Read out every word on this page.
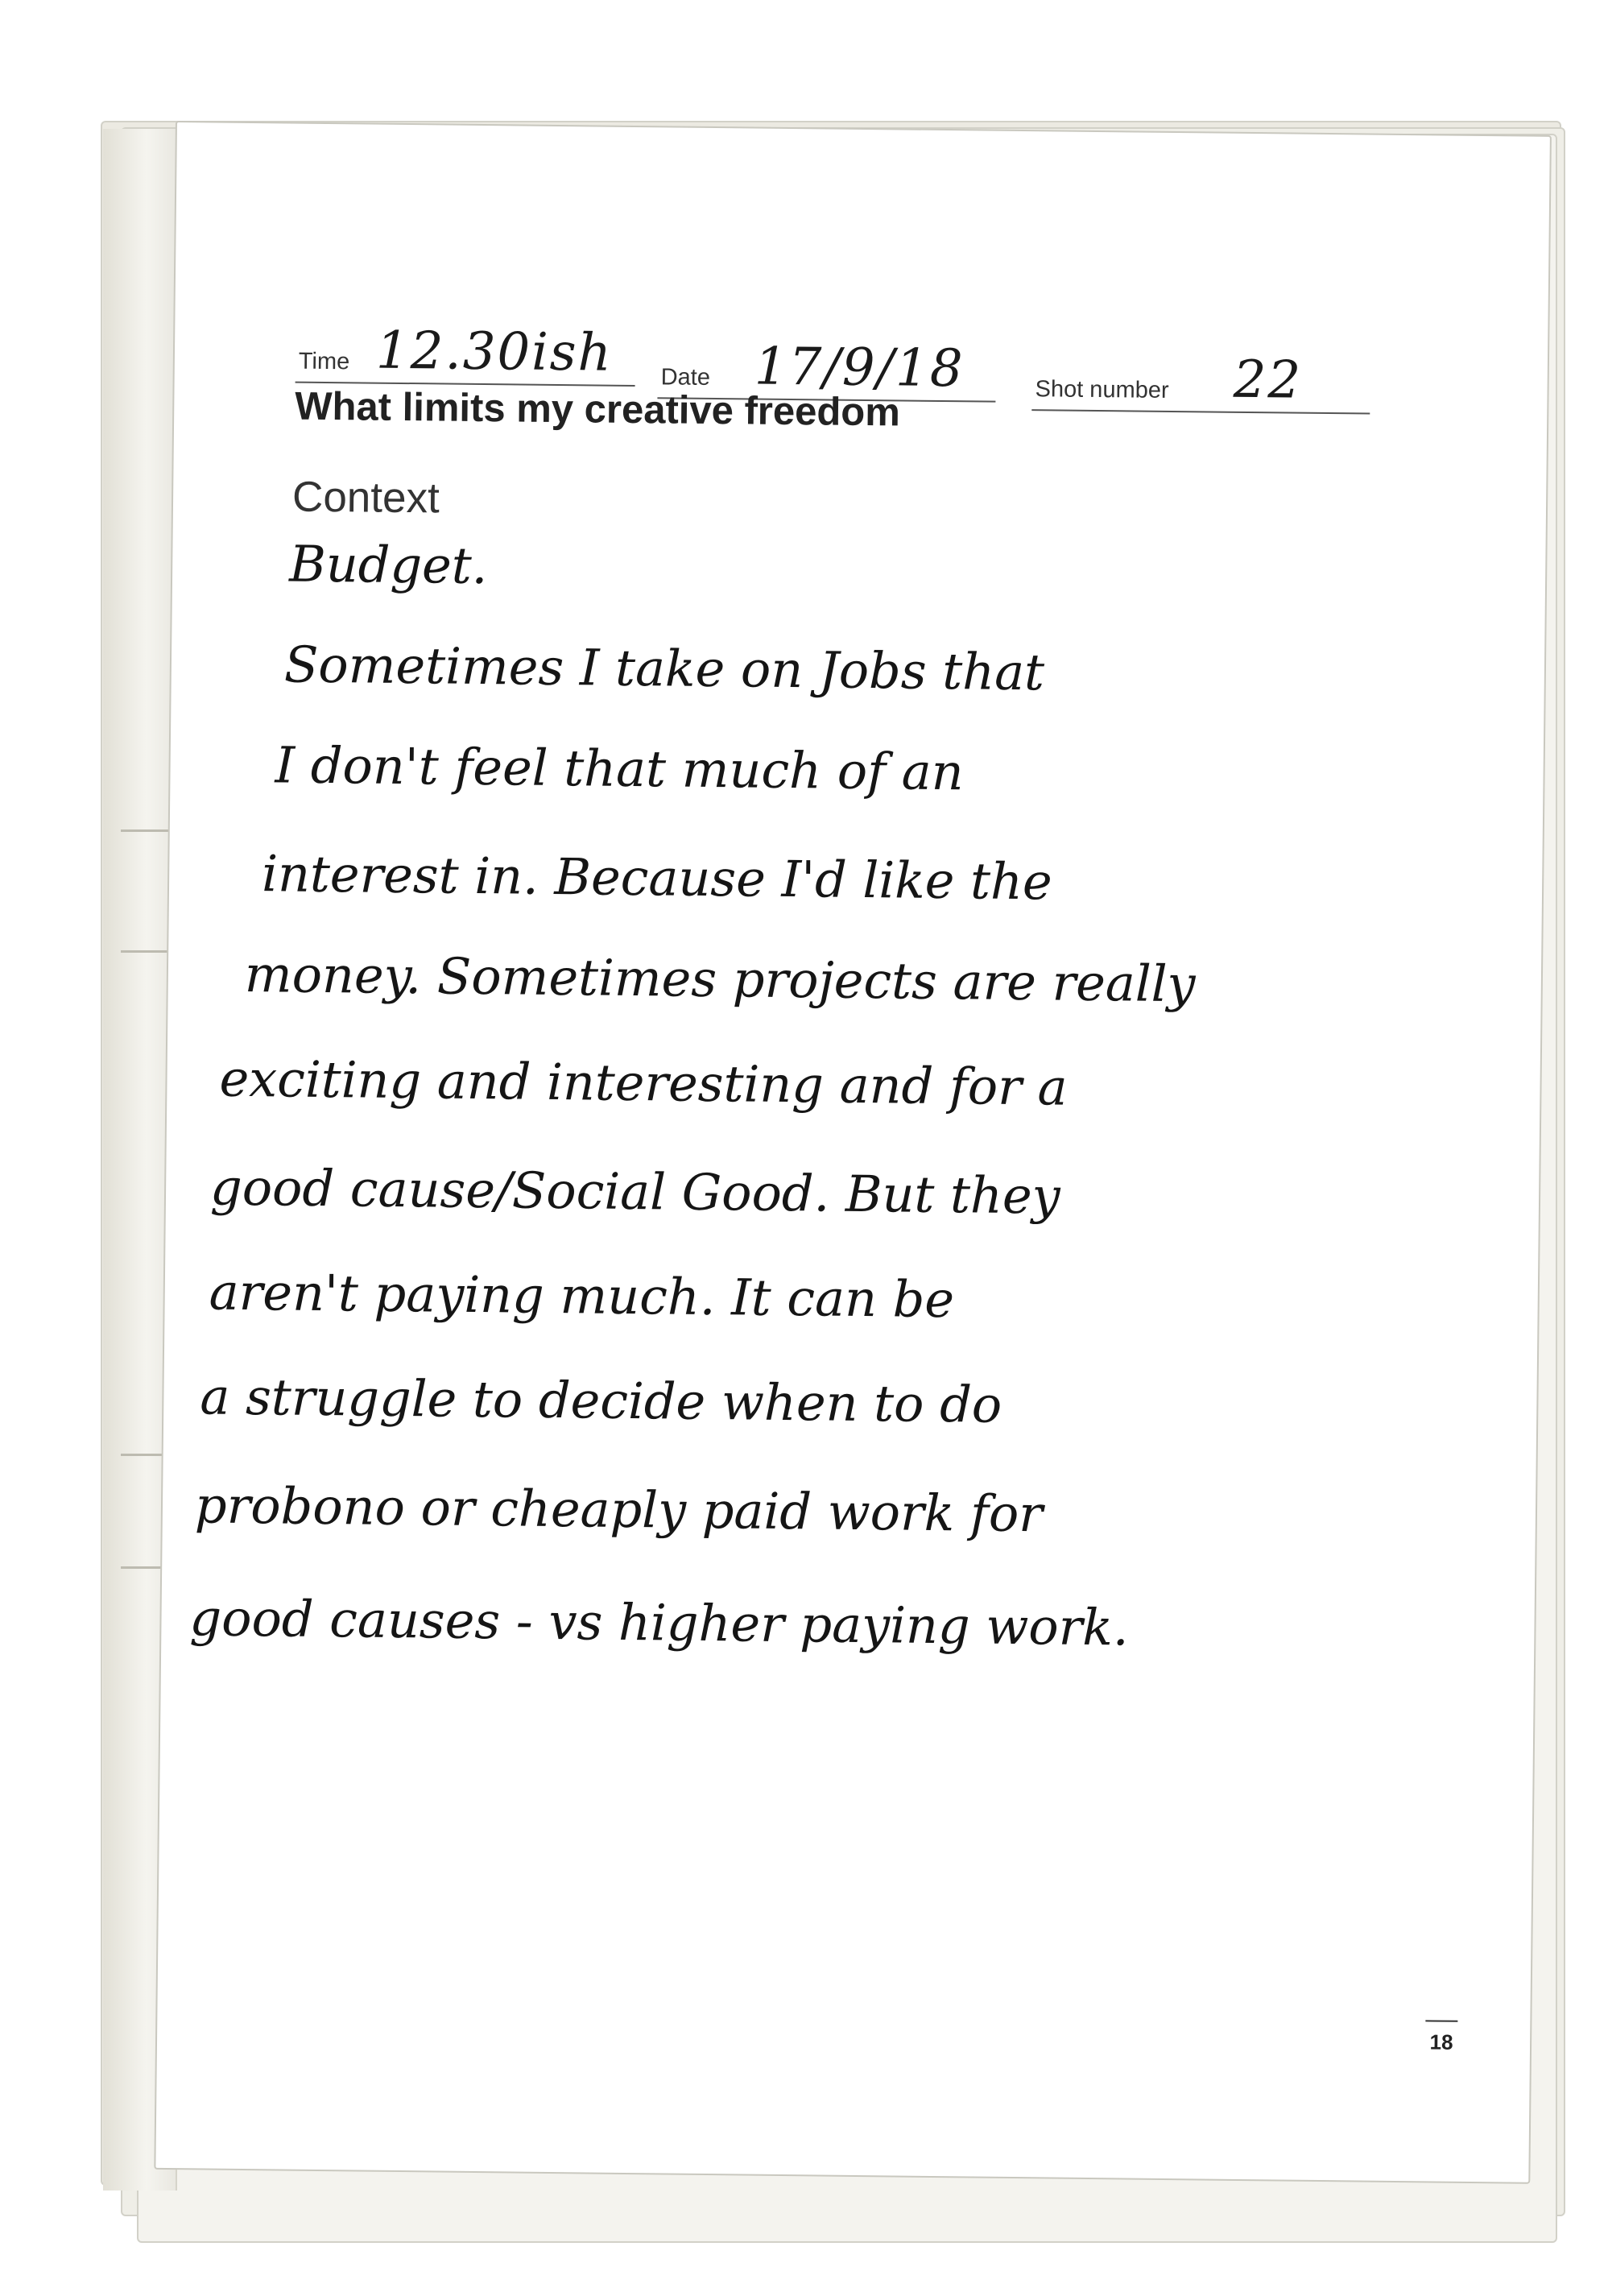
Time 12.30ish Date 17/9/18	Shot number 22
What limits my creative freedom
Context
Budget.
Sometimes I take on Jobs that
I don't feel that much of an
interest in. Because I'd like the
money. Sometimes projects are really
exciting and interesting and for a
good cause/Social Good. But they
aren't paying much. It can be
a struggle to decide when to do
probono or cheaply paid work for
good causes - vs higher paying work.
18
